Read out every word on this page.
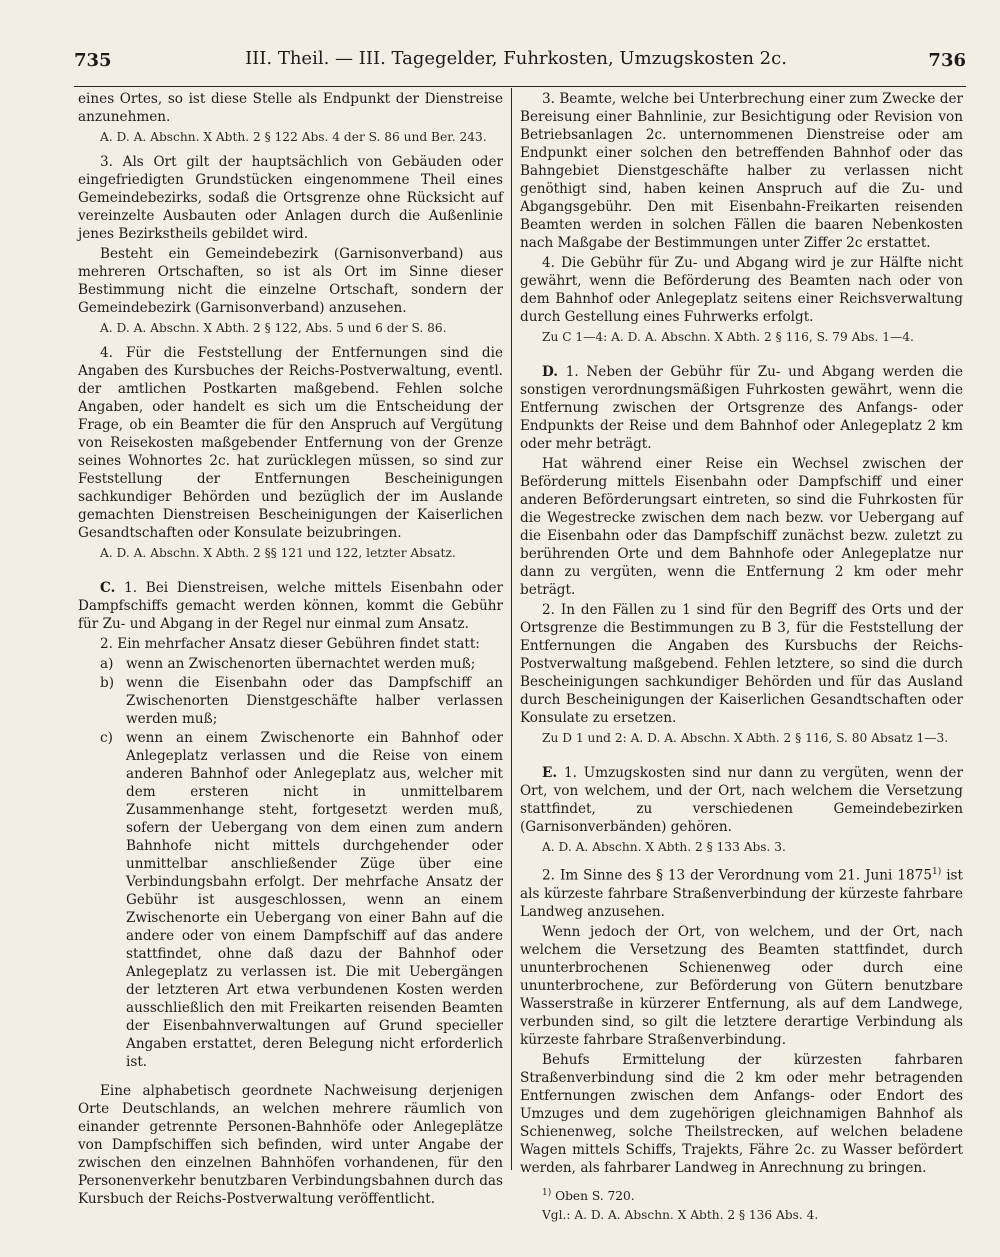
735	III. Theil. — III. Tagegelder, Fuhrkosten, Umzugskosten 2c.	736

eines Ortes, so ist diese Stelle als Endpunkt der Dienstreise anzunehmen.

A. D. A. Abschn. X Abth. 2 § 122 Abs. 4 der S. 86 und Ber. 243.

3. Als Ort gilt der hauptsächlich von Gebäuden oder eingefriedigten Grundstücken eingenommene Theil eines Gemeindebezirks, sodaß die Ortsgrenze ohne Rücksicht auf vereinzelte Ausbauten oder Anlagen durch die Außenlinie jenes Bezirkstheils gebildet wird.

Besteht ein Gemeindebezirk (Garnisonverband) aus mehreren Ortschaften, so ist als Ort im Sinne dieser Bestimmung nicht die einzelne Ortschaft, sondern der Gemeindebezirk (Garnisonverband) anzusehen.

A. D. A. Abschn. X Abth. 2 § 122, Abs. 5 und 6 der S. 86.

4. Für die Feststellung der Entfernungen sind die Angaben des Kursbuches der Reichs-Postverwaltung, eventl. der amtlichen Postkarten maßgebend. Fehlen solche Angaben, oder handelt es sich um die Entscheidung der Frage, ob ein Beamter die für den Anspruch auf Vergütung von Reisekosten maßgebender Entfernung von der Grenze seines Wohnortes 2c. hat zurücklegen müssen, so sind zur Feststellung der Entfernungen Bescheinigungen sachkundiger Behörden und bezüglich der im Auslande gemachten Dienstreisen Bescheinigungen der Kaiserlichen Gesandtschaften oder Konsulate beizubringen.

A. D. A. Abschn. X Abth. 2 §§ 121 und 122, letzter Absatz.

C. 1. Bei Dienstreisen, welche mittels Eisenbahn oder Dampfschiffs gemacht werden können, kommt die Gebühr für Zu- und Abgang in der Regel nur einmal zum Ansatz.

2. Ein mehrfacher Ansatz dieser Gebühren findet statt:

a) wenn an Zwischenorten übernachtet werden muß;
b) wenn die Eisenbahn oder das Dampfschiff an Zwischenorten Dienstgeschäfte halber verlassen werden muß;
c) wenn an einem Zwischenorte ein Bahnhof oder Anlegeplatz verlassen und die Reise von einem anderen Bahnhof oder Anlegeplatz aus, welcher mit dem ersteren nicht in unmittelbarem Zusammenhange steht, fortgesetzt werden muß, sofern der Uebergang von dem einen zum andern Bahnhofe nicht mittels durchgehender oder unmittelbar anschließender Züge über eine Verbindungsbahn erfolgt. Der mehrfache Ansatz der Gebühr ist ausgeschlossen, wenn an einem Zwischenorte ein Uebergang von einer Bahn auf die andere oder von einem Dampfschiff auf das andere stattfindet, ohne daß dazu der Bahnhof oder Anlegeplatz zu verlassen ist. Die mit Uebergängen der letzteren Art etwa verbundenen Kosten werden ausschließlich den mit Freikarten reisenden Beamten der Eisenbahnverwaltungen auf Grund specieller Angaben erstattet, deren Belegung nicht erforderlich ist.

Eine alphabetisch geordnete Nachweisung derjenigen Orte Deutschlands, an welchen mehrere räumlich von einander getrennte Personen-Bahnhöfe oder Anlegeplätze von Dampfschiffen sich befinden, wird unter Angabe der zwischen den einzelnen Bahnhöfen vorhandenen, für den Personenverkehr benutzbaren Verbindungsbahnen durch das Kursbuch der Reichs-Postverwaltung veröffentlicht.

3. Beamte, welche bei Unterbrechung einer zum Zwecke der Bereisung einer Bahnlinie, zur Besichtigung oder Revision von Betriebsanlagen 2c. unternommenen Dienstreise oder am Endpunkt einer solchen den betreffenden Bahnhof oder das Bahngebiet Dienstgeschäfte halber zu verlassen nicht genöthigt sind, haben keinen Anspruch auf die Zu- und Abgangsgebühr. Den mit Eisenbahn-Freikarten reisenden Beamten werden in solchen Fällen die baaren Nebenkosten nach Maßgabe der Bestimmungen unter Ziffer 2c erstattet.

4. Die Gebühr für Zu- und Abgang wird je zur Hälfte nicht gewährt, wenn die Beförderung des Beamten nach oder von dem Bahnhof oder Anlegeplatz seitens einer Reichsverwaltung durch Gestellung eines Fuhrwerks erfolgt.

Zu C 1—4: A. D. A. Abschn. X Abth. 2 § 116, S. 79 Abs. 1—4.

D. 1. Neben der Gebühr für Zu- und Abgang werden die sonstigen verordnungsmäßigen Fuhrkosten gewährt, wenn die Entfernung zwischen der Ortsgrenze des Anfangs- oder Endpunkts der Reise und dem Bahnhof oder Anlegeplatz 2 km oder mehr beträgt.

Hat während einer Reise ein Wechsel zwischen der Beförderung mittels Eisenbahn oder Dampfschiff und einer anderen Beförderungsart eintreten, so sind die Fuhrkosten für die Wegestrecke zwischen dem nach bezw. vor Uebergang auf die Eisenbahn oder das Dampfschiff zunächst bezw. zuletzt zu berührenden Orte und dem Bahnhofe oder Anlegeplatze nur dann zu vergüten, wenn die Entfernung 2 km oder mehr beträgt.

2. In den Fällen zu 1 sind für den Begriff des Orts und der Ortsgrenze die Bestimmungen zu B 3, für die Feststellung der Entfernungen die Angaben des Kursbuchs der Reichs-Postverwaltung maßgebend. Fehlen letztere, so sind die durch Bescheinigungen sachkundiger Behörden und für das Ausland durch Bescheinigungen der Kaiserlichen Gesandtschaften oder Konsulate zu ersetzen.

Zu D 1 und 2: A. D. A. Abschn. X Abth. 2 § 116, S. 80 Absatz 1—3.

E. 1. Umzugskosten sind nur dann zu vergüten, wenn der Ort, von welchem, und der Ort, nach welchem die Versetzung stattfindet, zu verschiedenen Gemeindebezirken (Garnisonverbänden) gehören.

A. D. A. Abschn. X Abth. 2 § 133 Abs. 3.

2. Im Sinne des § 13 der Verordnung vom 21. Juni 1875$^{1)}$ ist als kürzeste fahrbare Straßenverbindung der kürzeste fahrbare Landweg anzusehen.

Wenn jedoch der Ort, von welchem, und der Ort, nach welchem die Versetzung des Beamten stattfindet, durch ununterbrochenen Schienenweg oder durch eine ununterbrochene, zur Beförderung von Gütern benutzbare Wasserstraße in kürzerer Entfernung, als auf dem Landwege, verbunden sind, so gilt die letztere derartige Verbindung als kürzeste fahrbare Straßenverbindung.

Behufs Ermittelung der kürzesten fahrbaren Straßenverbindung sind die 2 km oder mehr betragenden Entfernungen zwischen dem Anfangs- oder Endort des Umzuges und dem zugehörigen gleichnamigen Bahnhof als Schienenweg, solche Theilstrecken, auf welchen beladene Wagen mittels Schiffs, Trajekts, Fähre 2c. zu Wasser befördert werden, als fahrbarer Landweg in Anrechnung zu bringen.

$^{1)}$ Oben S. 720.

Vgl.: A. D. A. Abschn. X Abth. 2 § 136 Abs. 4.
